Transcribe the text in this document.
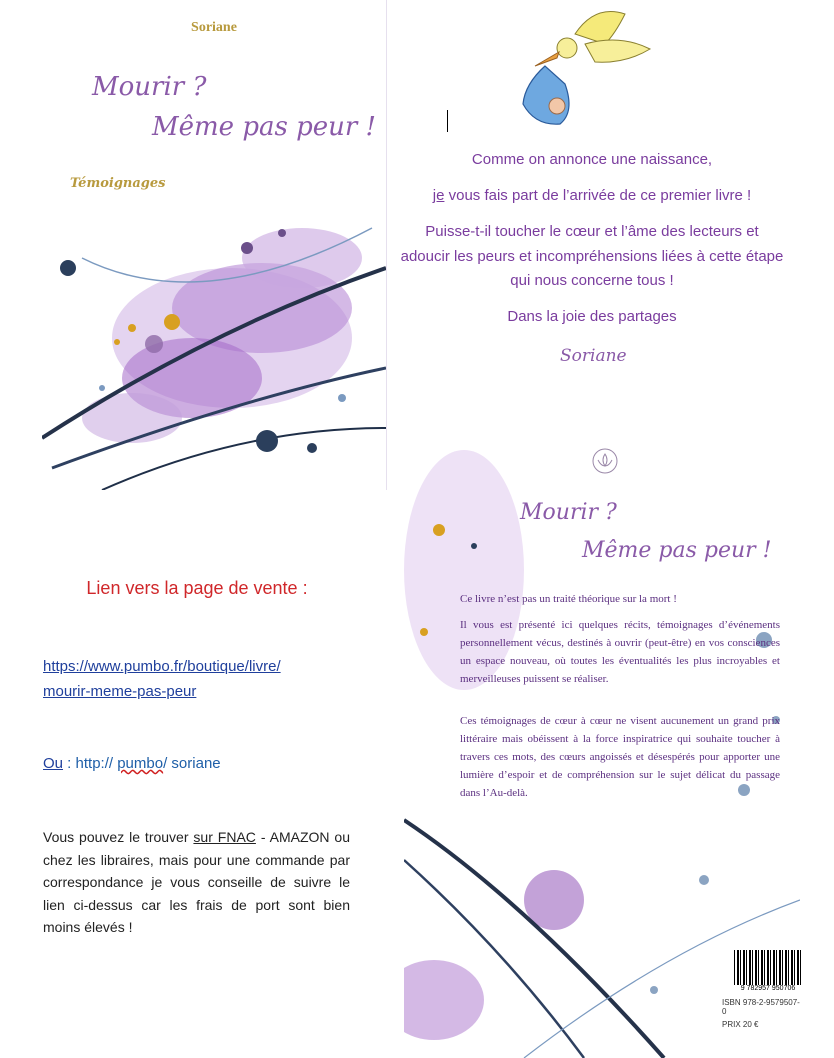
Soriane
Mourir ?
Même pas peur !
Témoignages
Lien vers la page de vente :
https://www.pumbo.fr/boutique/livre/
mourir-meme-pas-peur
Ou : http:// pumbo/ soriane
Vous pouvez le trouver sur FNAC - AMAZON ou chez les libraires, mais pour une commande par correspondance je vous conseille de suivre le lien ci-dessus car les frais de port sont bien moins élevés !
Comme on annonce une naissance,
je vous fais part de l’arrivée de ce premier livre !
Puisse-t-il toucher le cœur et l’âme des lecteurs et adoucir les peurs et incompréhensions liées à cette étape qui nous concerne tous !
Dans la joie des partages
Soriane
Mourir ?
Même pas peur !
Ce livre n’est pas un traité théorique sur la mort !
Il vous est présenté ici quelques récits, témoignages d’événements personnellement vécus, destinés à ouvrir (peut-être) en vos consciences un espace nouveau, où toutes les éventualités les plus incroyables et merveilleuses puissent se réaliser.
Ces témoignages de cœur à cœur ne visent aucunement un grand prix littéraire mais obéissent à la force inspiratrice qui souhaite toucher à travers ces mots, des cœurs angoissés et désespérés pour apporter une lumière d’espoir et de compréhension sur le sujet délicat du passage dans l’Au-delà.
9 782957 950706
ISBN 978-2-9579507-0
PRIX 20 €
